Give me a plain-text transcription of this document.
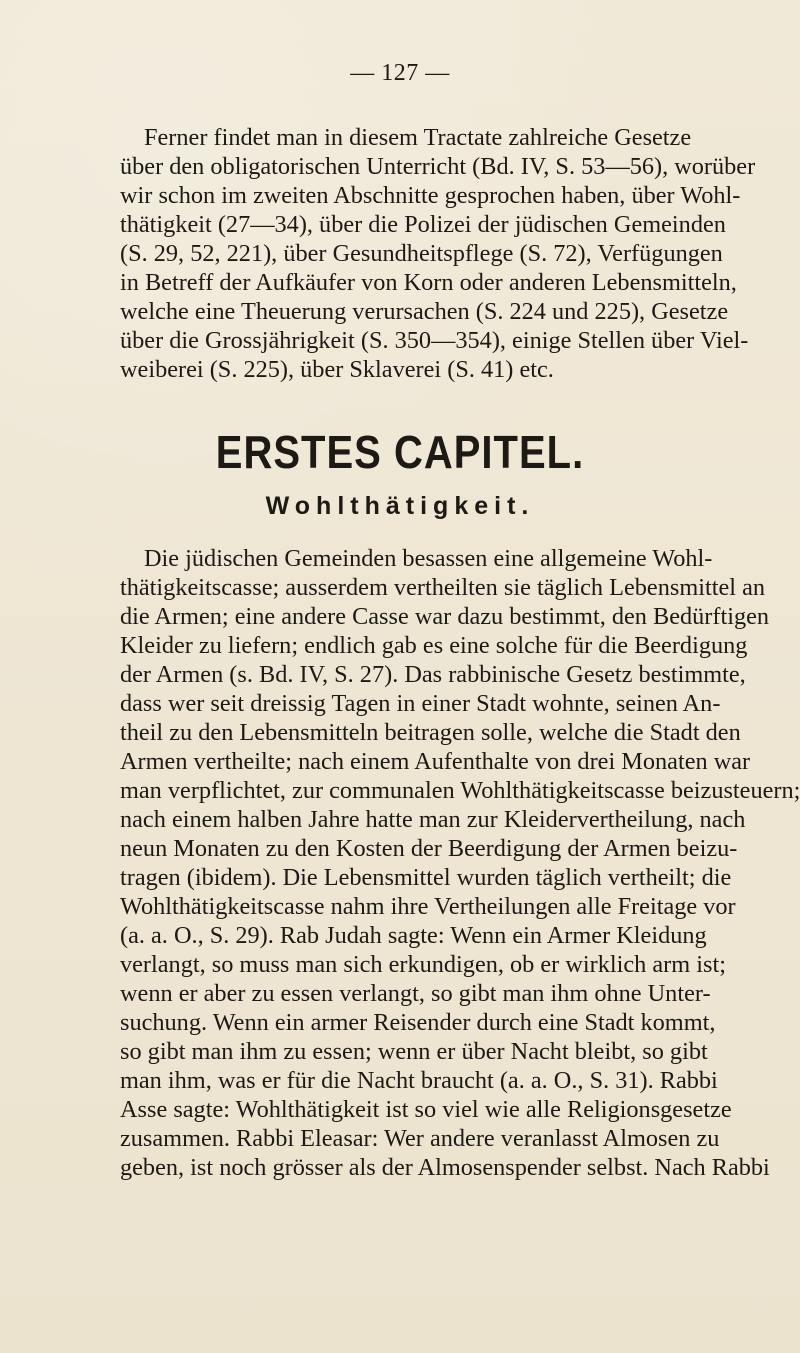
— 127 —
Ferner findet man in diesem Tractate zahlreiche Gesetze
über den obligatorischen Unterricht (Bd. IV, S. 53—56), worüber
wir schon im zweiten Abschnitte gesprochen haben, über Wohl-
thätigkeit (27—34), über die Polizei der jüdischen Gemeinden
(S. 29, 52, 221), über Gesundheitspflege (S. 72), Verfügungen
in Betreff der Aufkäufer von Korn oder anderen Lebensmitteln,
welche eine Theuerung verursachen (S. 224 und 225), Gesetze
über die Grossjährigkeit (S. 350—354), einige Stellen über Viel-
weiberei (S. 225), über Sklaverei (S. 41) etc.
ERSTES CAPITEL.
Wohlthätigkeit.
Die jüdischen Gemeinden besassen eine allgemeine Wohl-
thätigkeitscasse; ausserdem vertheilten sie täglich Lebensmittel an
die Armen; eine andere Casse war dazu bestimmt, den Bedürftigen
Kleider zu liefern; endlich gab es eine solche für die Beerdigung
der Armen (s. Bd. IV, S. 27). Das rabbinische Gesetz bestimmte,
dass wer seit dreissig Tagen in einer Stadt wohnte, seinen An-
theil zu den Lebensmitteln beitragen solle, welche die Stadt den
Armen vertheilte; nach einem Aufenthalte von drei Monaten war
man verpflichtet, zur communalen Wohlthätigkeitscasse beizusteuern;
nach einem halben Jahre hatte man zur Kleidervertheilung, nach
neun Monaten zu den Kosten der Beerdigung der Armen beizu-
tragen (ibidem). Die Lebensmittel wurden täglich vertheilt; die
Wohlthätigkeitscasse nahm ihre Vertheilungen alle Freitage vor
(a. a. O., S. 29). Rab Judah sagte: Wenn ein Armer Kleidung
verlangt, so muss man sich erkundigen, ob er wirklich arm ist;
wenn er aber zu essen verlangt, so gibt man ihm ohne Unter-
suchung. Wenn ein armer Reisender durch eine Stadt kommt,
so gibt man ihm zu essen; wenn er über Nacht bleibt, so gibt
man ihm, was er für die Nacht braucht (a. a. O., S. 31). Rabbi
Asse sagte: Wohlthätigkeit ist so viel wie alle Religionsgesetze
zusammen. Rabbi Eleasar: Wer andere veranlasst Almosen zu
geben, ist noch grösser als der Almosenspender selbst. Nach Rabbi
